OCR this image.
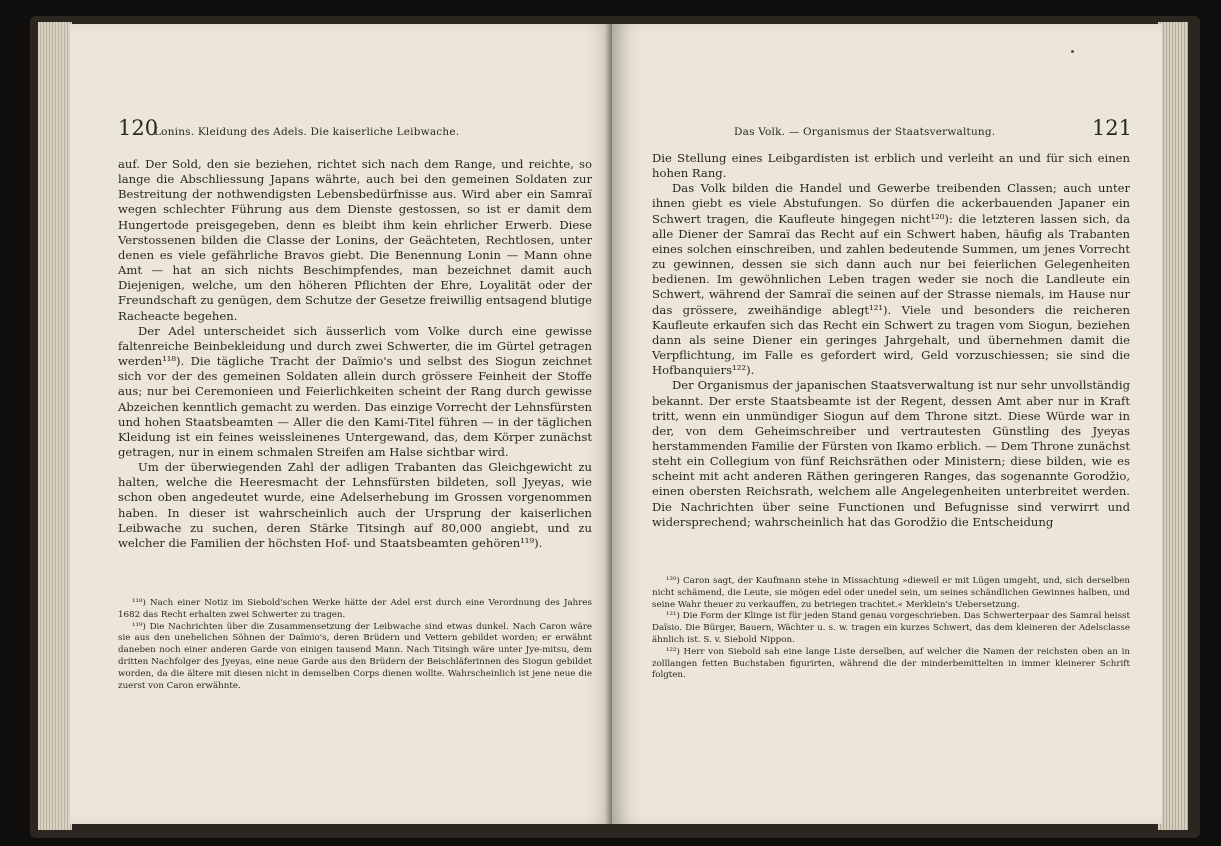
120
Lonins. Kleidung des Adels. Die kaiserliche Leibwache.

auf. Der Sold, den sie beziehen, richtet sich nach dem Range, und reichte, so lange die Abschliessung Japans währte, auch bei den gemeinen Soldaten zur Bestreitung der nothwendigsten Lebensbedürfnisse aus. Wird aber ein Samraï wegen schlechter Führung aus dem Dienste gestossen, so ist er damit dem Hungertode preisgegeben, denn es bleibt ihm kein ehrlicher Erwerb. Diese Verstossenen bilden die Classe der Lonins, der Geächteten, Rechtlosen, unter denen es viele gefährliche Bravos giebt. Die Benennung Lonin — Mann ohne Amt — hat an sich nichts Beschimpfendes, man bezeichnet damit auch Diejenigen, welche, um den höheren Pflichten der Ehre, Loyalität oder der Freundschaft zu genügen, dem Schutze der Gesetze freiwillig entsagend blutige Racheacte begehen.

Der Adel unterscheidet sich äusserlich vom Volke durch eine gewisse faltenreiche Beinbekleidung und durch zwei Schwerter, die im Gürtel getragen werden¹¹⁸). Die tägliche Tracht der Daïmio's und selbst des Siogun zeichnet sich vor der des gemeinen Soldaten allein durch grössere Feinheit der Stoffe aus; nur bei Ceremonieen und Feierlichkeiten scheint der Rang durch gewisse Abzeichen kenntlich gemacht zu werden. Das einzige Vorrecht der Lehnsfürsten und hohen Staatsbeamten — Aller die den Kami-Titel führen — in der täglichen Kleidung ist ein feines weissleinenes Untergewand, das, dem Körper zunächst getragen, nur in einem schmalen Streifen am Halse sichtbar wird.

Um der überwiegenden Zahl der adligen Trabanten das Gleichgewicht zu halten, welche die Heeresmacht der Lehnsfürsten bildeten, soll Jyeyas, wie schon oben angedeutet wurde, eine Adelserhebung im Grossen vorgenommen haben. In dieser ist wahrscheinlich auch der Ursprung der kaiserlichen Leibwache zu suchen, deren Stärke Titsingh auf 80,000 angiebt, und zu welcher die Familien der höchsten Hof- und Staatsbeamten gehören¹¹⁹).

¹¹⁸) Nach einer Notiz im Siebold'schen Werke hätte der Adel erst durch eine Verordnung des Jahres 1682 das Recht erhalten zwei Schwerter zu tragen.

¹¹⁹) Die Nachrichten über die Zusammensetzung der Leibwache sind etwas dunkel. Nach Caron wäre sie aus den unehelichen Söhnen der Daïmio's, deren Brüdern und Vettern gebildet worden; er erwähnt daneben noch einer anderen Garde von einigen tausend Mann. Nach Titsingh wäre unter Jye-mitsu, dem dritten Nachfolger des Jyeyas, eine neue Garde aus den Brüdern der Beischläferinnen des Siogun gebildet worden, da die ältere mit diesen nicht in demselben Corps dienen wollte. Wahrscheinlich ist jene neue die zuerst von Caron erwähnte.

Das Volk. — Organismus der Staatsverwaltung.	121

Die Stellung eines Leibgardisten ist erblich und verleiht an und für sich einen hohen Rang.

Das Volk bilden die Handel und Gewerbe treibenden Classen; auch unter ihnen giebt es viele Abstufungen. So dürfen die ackerbauenden Japaner ein Schwert tragen, die Kaufleute hingegen nicht¹²⁰): die letzteren lassen sich, da alle Diener der Samraï das Recht auf ein Schwert haben, häufig als Trabanten eines solchen einschreiben, und zahlen bedeutende Summen, um jenes Vorrecht zu gewinnen, dessen sie sich dann auch nur bei feierlichen Gelegenheiten bedienen. Im gewöhnlichen Leben tragen weder sie noch die Landleute ein Schwert, während der Samraï die seinen auf der Strasse niemals, im Hause nur das grössere, zweihändige ablegt¹²¹). Viele und besonders die reicheren Kaufleute erkaufen sich das Recht ein Schwert zu tragen vom Siogun, beziehen dann als seine Diener ein geringes Jahrgehalt, und übernehmen damit die Verpflichtung, im Falle es gefordert wird, Geld vorzuschiessen; sie sind die Hofbanquiers¹²²).

Der Organismus der japanischen Staatsverwaltung ist nur sehr unvollständig bekannt. Der erste Staatsbeamte ist der Regent, dessen Amt aber nur in Kraft tritt, wenn ein unmündiger Siogun auf dem Throne sitzt. Diese Würde war in der, von dem Geheimschreiber und vertrautesten Günstling des Jyeyas herstammenden Familie der Fürsten von Ikamo erblich. — Dem Throne zunächst steht ein Collegium von fünf Reichsräthen oder Ministern; diese bilden, wie es scheint mit acht anderen Räthen geringeren Ranges, das sogenannte Gorodžio, einen obersten Reichsrath, welchem alle Angelegenheiten unterbreitet werden. Die Nachrichten über seine Functionen und Befugnisse sind verwirrt und widersprechend; wahrscheinlich hat das Gorodžio die Entscheidung

¹²⁰) Caron sagt, der Kaufmann stehe in Missachtung »dieweil er mit Lügen umgeht, und, sich derselben nicht schämend, die Leute, sie mögen edel oder unedel sein, um seines schändlichen Gewinnes halben, und seine Wahr theuer zu verkauffen, zu betriegen trachtet.« Merklein's Uebersetzung.

¹²¹) Die Form der Klinge ist für jeden Stand genau vorgeschrieben. Das Schwerterpaar des Samraï heisst Daïsio. Die Bürger, Bauern, Wächter u. s. w. tragen ein kurzes Schwert, das dem kleineren der Adelsclasse ähnlich ist. S. v. Siebold Nippon.

¹²²) Herr von Siebold sah eine lange Liste derselben, auf welcher die Namen der reichsten oben an in zolllangen fetten Buchstaben figurirten, während die der minderbemittelten in immer kleinerer Schrift folgten.
